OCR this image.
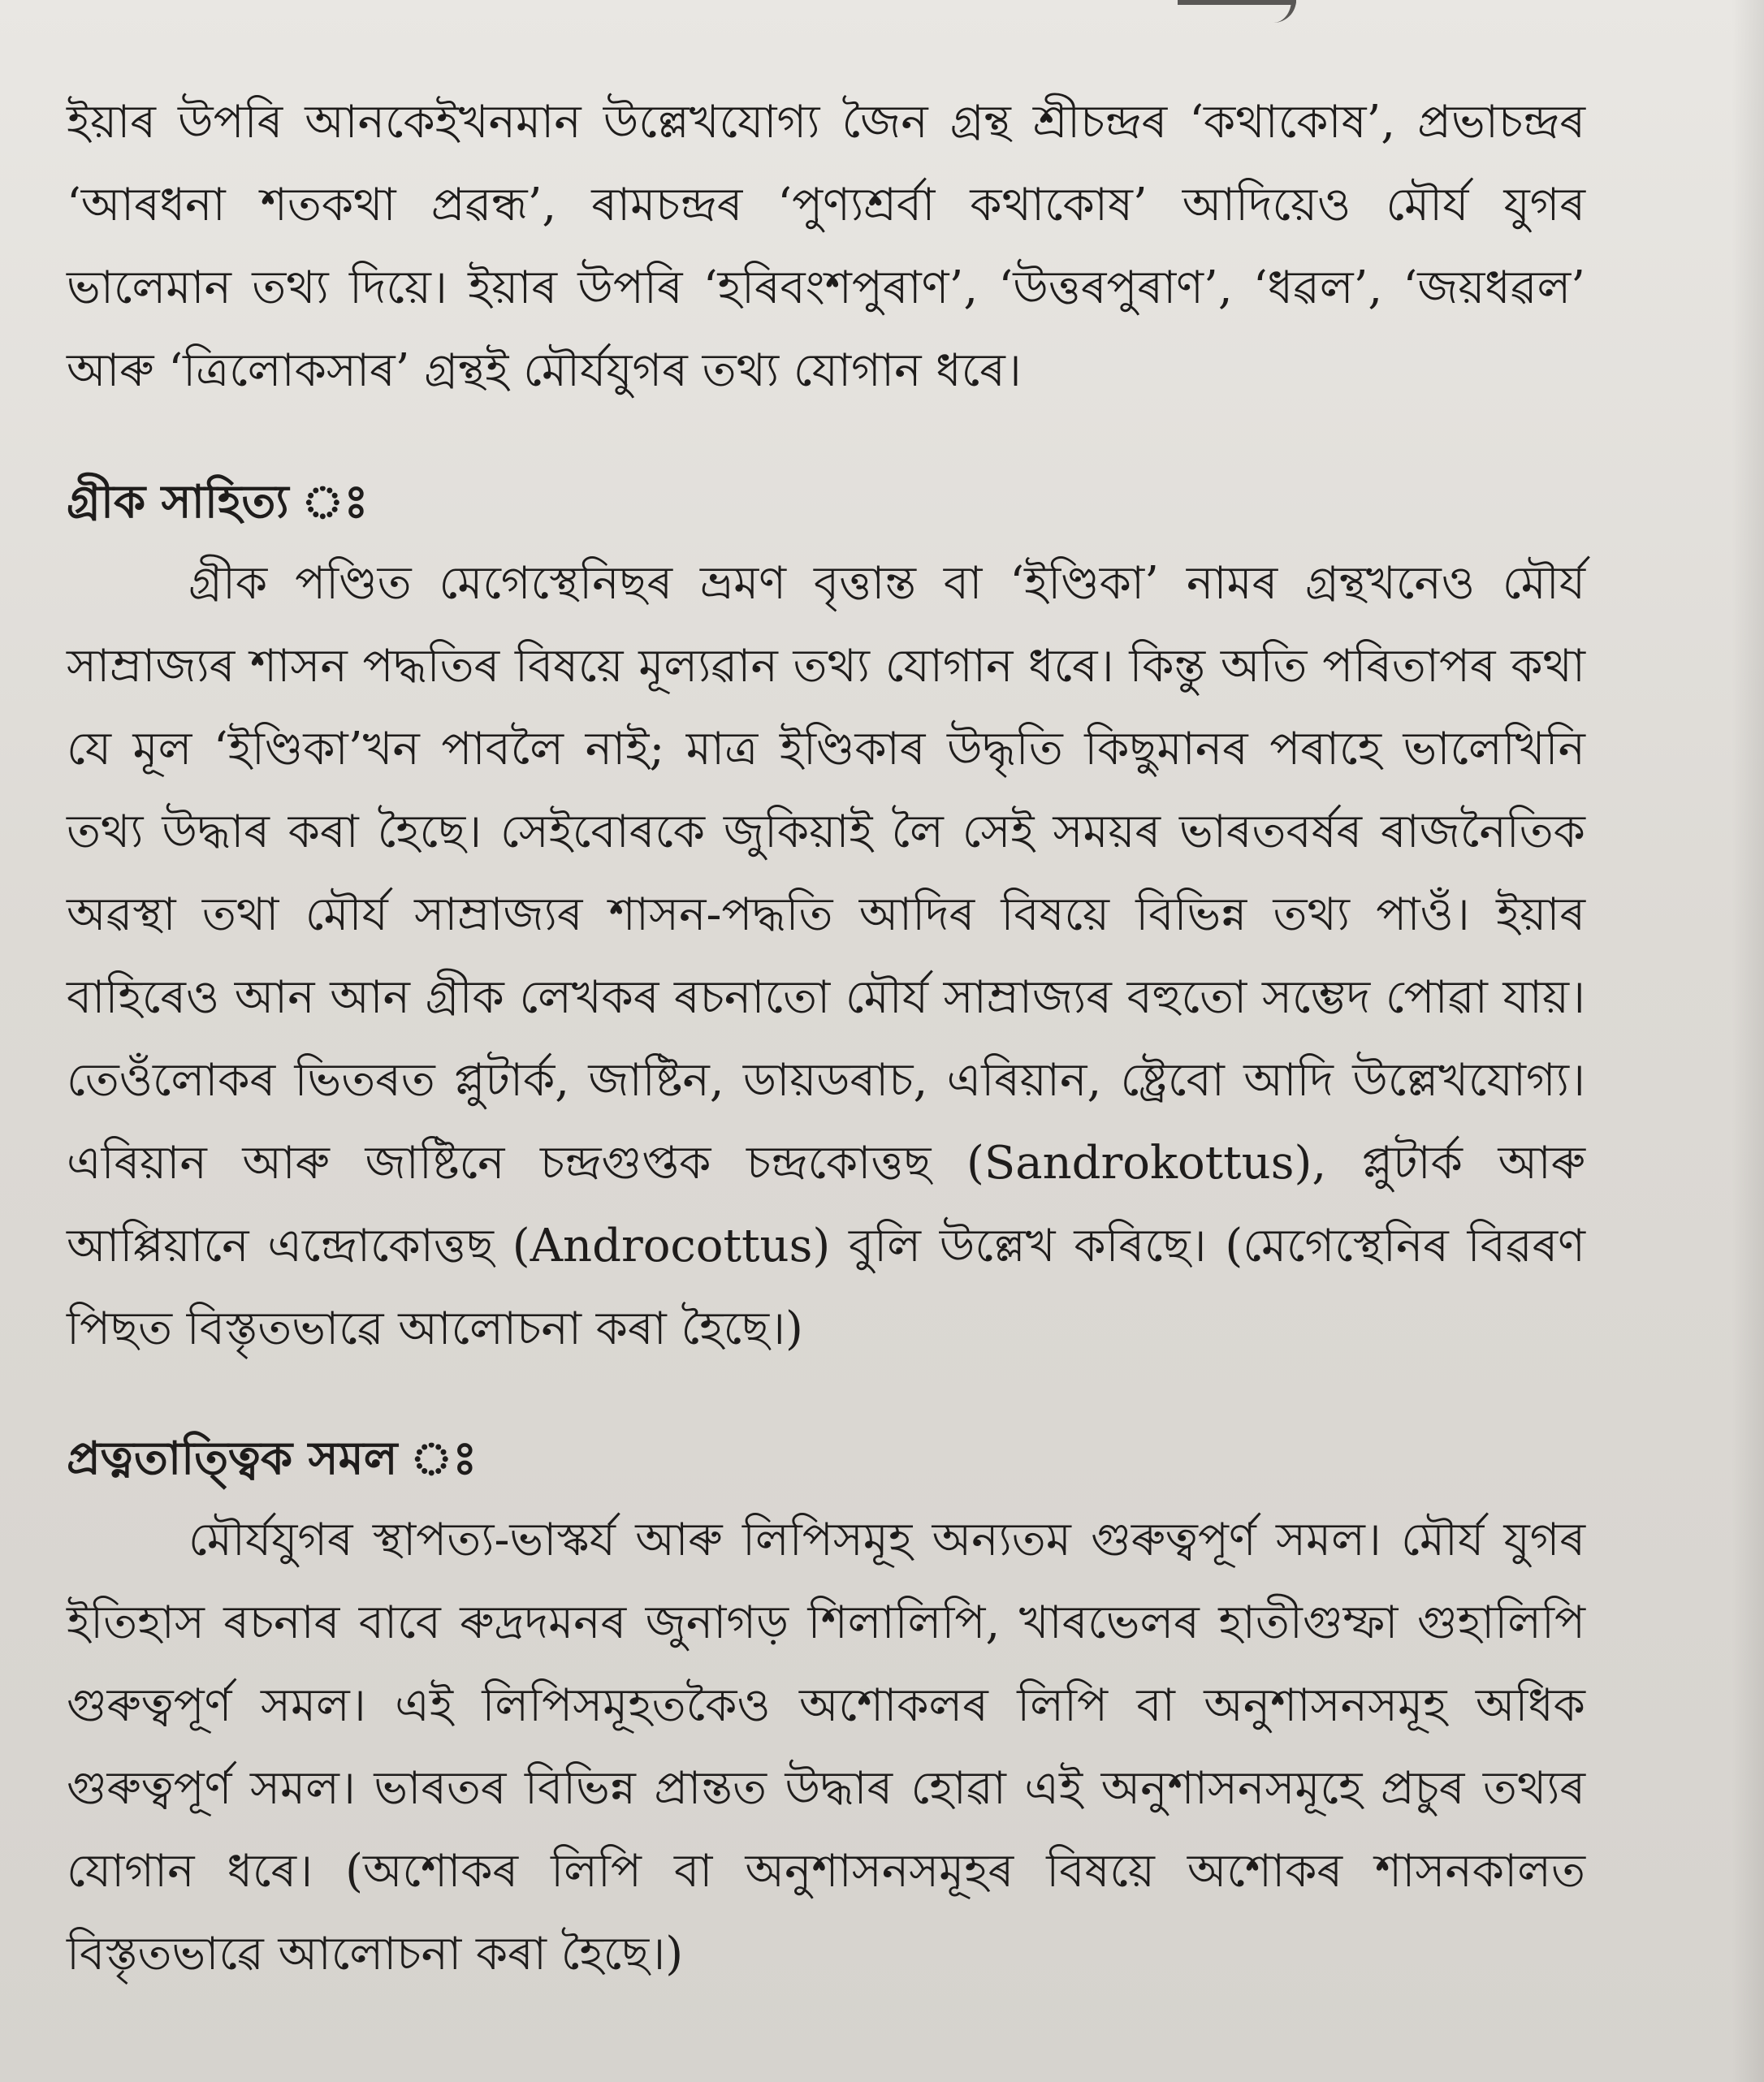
ইয়াৰ উপৰি আনকেইখনমান উল্লেখযোগ্য জৈন গ্ৰন্থ শ্ৰীচন্দ্ৰৰ ‘কথাকোষ’, প্ৰভাচন্দ্ৰৰ ‘আৰধনা শতকথা প্ৰৱন্ধ’, ৰামচন্দ্ৰৰ ‘পুণ্যশ্ৰৰ্বা কথাকোষ’ আদিয়েও মৌৰ্য যুগৰ ভালেমান তথ্য দিয়ে। ইয়াৰ উপৰি ‘হৰিবংশপুৰাণ’, ‘উত্তৰপুৰাণ’, ‘ধৱল’, ‘জয়ধৱল’ আৰু ‘ত্ৰিলোকসাৰ’ গ্ৰন্থই মৌৰ্যযুগৰ তথ্য যোগান ধৰে।

গ্ৰীক সাহিত্য ঃ

গ্ৰীক পণ্ডিত মেগেস্থেনিছৰ ভ্ৰমণ বৃত্তান্ত বা ‘ইণ্ডিকা’ নামৰ গ্ৰন্থখনেও মৌৰ্য সাম্ৰাজ্যৰ শাসন পদ্ধতিৰ বিষয়ে মূল্যৱান তথ্য যোগান ধৰে। কিন্তু অতি পৰিতাপৰ কথা যে মূল ‘ইণ্ডিকা’খন পাবলৈ নাই; মাত্ৰ ইণ্ডিকাৰ উদ্ধৃতি কিছুমানৰ পৰাহে ভালেখিনি তথ্য উদ্ধাৰ কৰা হৈছে। সেইবোৰকে জুকিয়াই লৈ সেই সময়ৰ ভাৰতবৰ্ষৰ ৰাজনৈতিক অৱস্থা তথা মৌৰ্য সাম্ৰাজ্যৰ শাসন-পদ্ধতি আদিৰ বিষয়ে বিভিন্ন তথ্য পাওঁ। ইয়াৰ বাহিৰেও আন আন গ্ৰীক লেখকৰ ৰচনাতো মৌৰ্য সাম্ৰাজ্যৰ বহুতো সম্ভেদ পোৱা যায়। তেওঁলোকৰ ভিতৰত প্লুটাৰ্ক, জাষ্টিন, ডায়ডৰাচ, এৰিয়ান, ষ্ট্ৰেবো আদি উল্লেখযোগ্য। এৰিয়ান আৰু জাষ্টিনে চন্দ্ৰগুপ্তক চন্দ্ৰকোত্তছ (Sandrokottus), প্লুটাৰ্ক আৰু আপ্পিয়ানে এন্দ্ৰোকোত্তছ (Androcottus) বুলি উল্লেখ কৰিছে। (মেগেস্থেনিৰ বিৱৰণ পিছত বিস্তৃতভাৱে আলোচনা কৰা হৈছে।)

প্ৰত্নতাত্ত্বিক সমল ঃ

মৌৰ্যযুগৰ স্থাপত্য-ভাস্কৰ্য আৰু লিপিসমূহ অন্যতম গুৰুত্বপূৰ্ণ সমল। মৌৰ্য যুগৰ ইতিহাস ৰচনাৰ বাবে ৰুদ্ৰদমনৰ জুনাগড় শিলালিপি, খাৰভেলৰ হাতীগুম্ফা গুহালিপি গুৰুত্বপূৰ্ণ সমল। এই লিপিসমূহতকৈও অশোকলৰ লিপি বা অনুশাসনসমূহ অধিক গুৰুত্বপূৰ্ণ সমল। ভাৰতৰ বিভিন্ন প্ৰান্তত উদ্ধাৰ হোৱা এই অনুশাসনসমূহে প্ৰচুৰ তথ্যৰ যোগান ধৰে। (অশোকৰ লিপি বা অনুশাসনসমূহৰ বিষয়ে অশোকৰ শাসনকালত বিস্তৃতভাৱে আলোচনা কৰা হৈছে।)
